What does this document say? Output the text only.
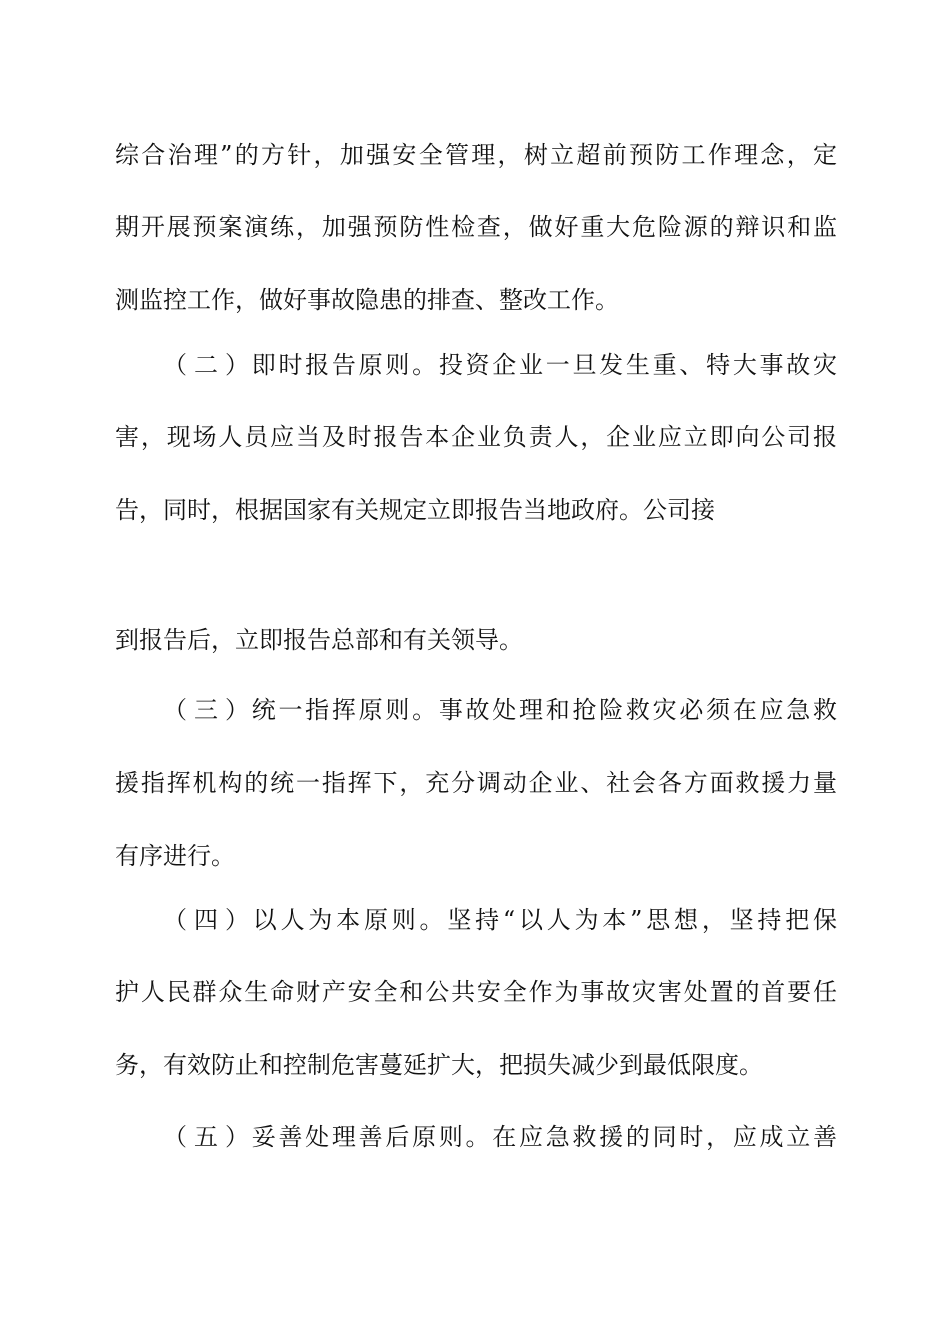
综合治理”的方针，加强安全管理，树立超前预防工作理念，定
期开展预案演练，加强预防性检查，做好重大危险源的辩识和监
测监控工作，做好事故隐患的排查、整改工作。
（二）即时报告原则。投资企业一旦发生重、特大事故灾
害，现场人员应当及时报告本企业负责人，企业应立即向公司报
告，同时，根据国家有关规定立即报告当地政府。公司接
到报告后，立即报告总部和有关领导。
（三）统一指挥原则。事故处理和抢险救灾必须在应急救
援指挥机构的统一指挥下，充分调动企业、社会各方面救援力量
有序进行。
（四）以人为本原则。坚持“以人为本”思想，坚持把保
护人民群众生命财产安全和公共安全作为事故灾害处置的首要任
务，有效防止和控制危害蔓延扩大，把损失减少到最低限度。
（五）妥善处理善后原则。在应急救援的同时，应成立善
